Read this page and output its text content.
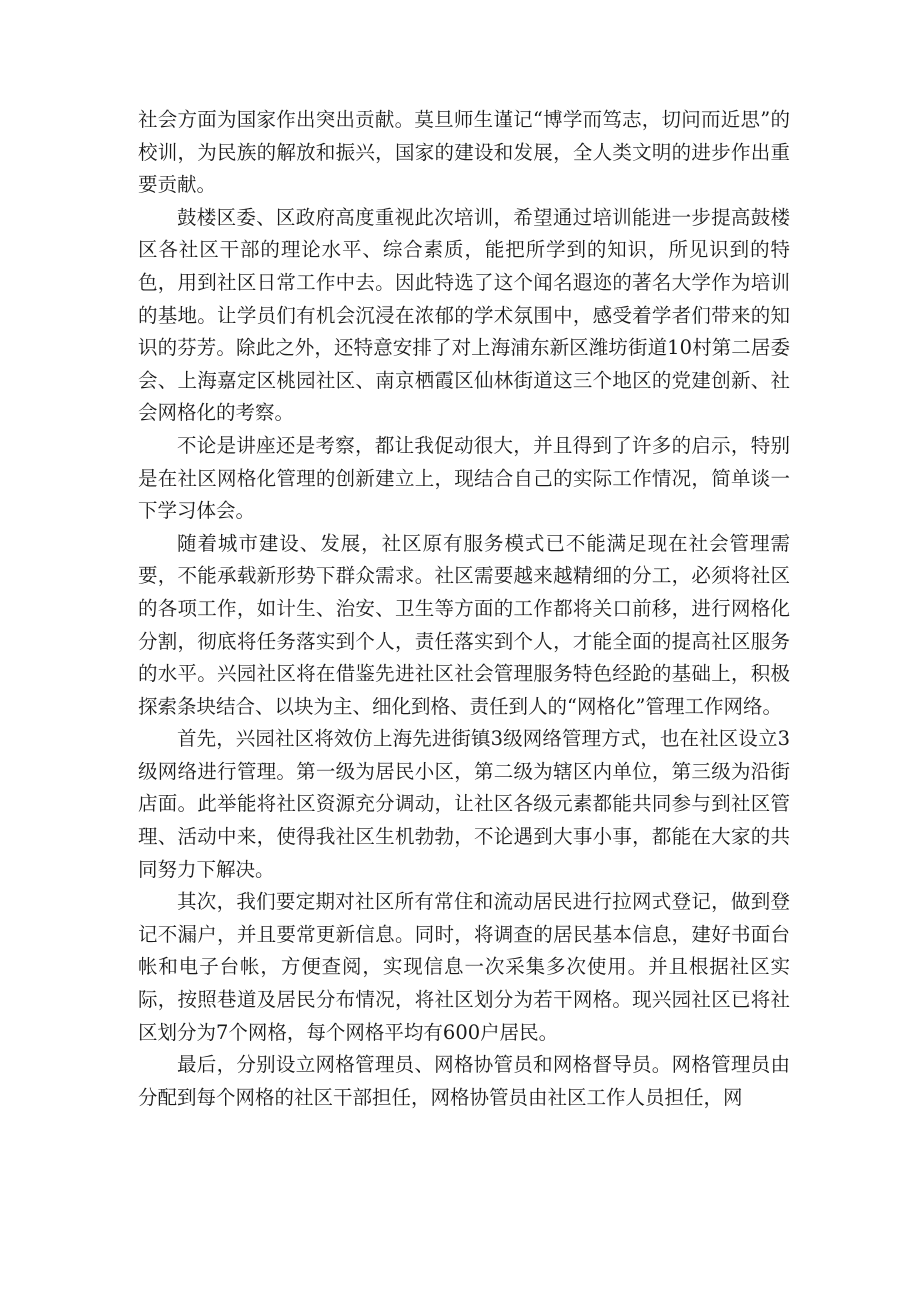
社会方面为国家作出突出贡献。莫旦师生谨记“博学而笃志，切问而近思”的校训，为民族的解放和振兴，国家的建设和发展，全人类文明的进步作出重要贡献。

鼓楼区委、区政府高度重视此次培训，希望通过培训能进一步提高鼓楼区各社区干部的理论水平、综合素质，能把所学到的知识，所见识到的特色，用到社区日常工作中去。因此特选了这个闻名遐迩的著名大学作为培训的基地。让学员们有机会沉浸在浓郁的学术氛围中，感受着学者们带来的知识的芬芳。除此之外，还特意安排了对上海浦东新区潍坊街道10村第二居委会、上海嘉定区桃园社区、南京栖霞区仙林街道这三个地区的党建创新、社会网格化的考察。

不论是讲座还是考察，都让我促动很大，并且得到了许多的启示，特别是在社区网格化管理的创新建立上，现结合自己的实际工作情况，简单谈一下学习体会。

随着城市建设、发展，社区原有服务模式已不能满足现在社会管理需要，不能承载新形势下群众需求。社区需要越来越精细的分工，必须将社区的各项工作，如计生、治安、卫生等方面的工作都将关口前移，进行网格化分割，彻底将任务落实到个人，责任落实到个人，才能全面的提高社区服务的水平。兴园社区将在借鉴先进社区社会管理服务特色经跄的基础上，积极探索条块结合、以块为主、细化到格、责任到人的“网格化”管理工作网络。

首先，兴园社区将效仿上海先进街镇3级网络管理方式，也在社区设立3级网络进行管理。第一级为居民小区，第二级为辖区内单位，第三级为沿街店面。此举能将社区资源充分调动，让社区各级元素都能共同参与到社区管理、活动中来，使得我社区生机勃勃，不论遇到大事小事，都能在大家的共同努力下解决。

其次，我们要定期对社区所有常住和流动居民进行拉网式登记，做到登记不漏户，并且要常更新信息。同时，将调查的居民基本信息，建好书面台帐和电子台帐，方便查阅，实现信息一次采集多次使用。并且根据社区实际，按照巷道及居民分布情况，将社区划分为若干网格。现兴园社区已将社区划分为7个网格，每个网格平均有600户居民。

最后，分别设立网格管理员、网格协管员和网格督导员。网格管理员由分配到每个网格的社区干部担任，网格协管员由社区工作人员担任，网
